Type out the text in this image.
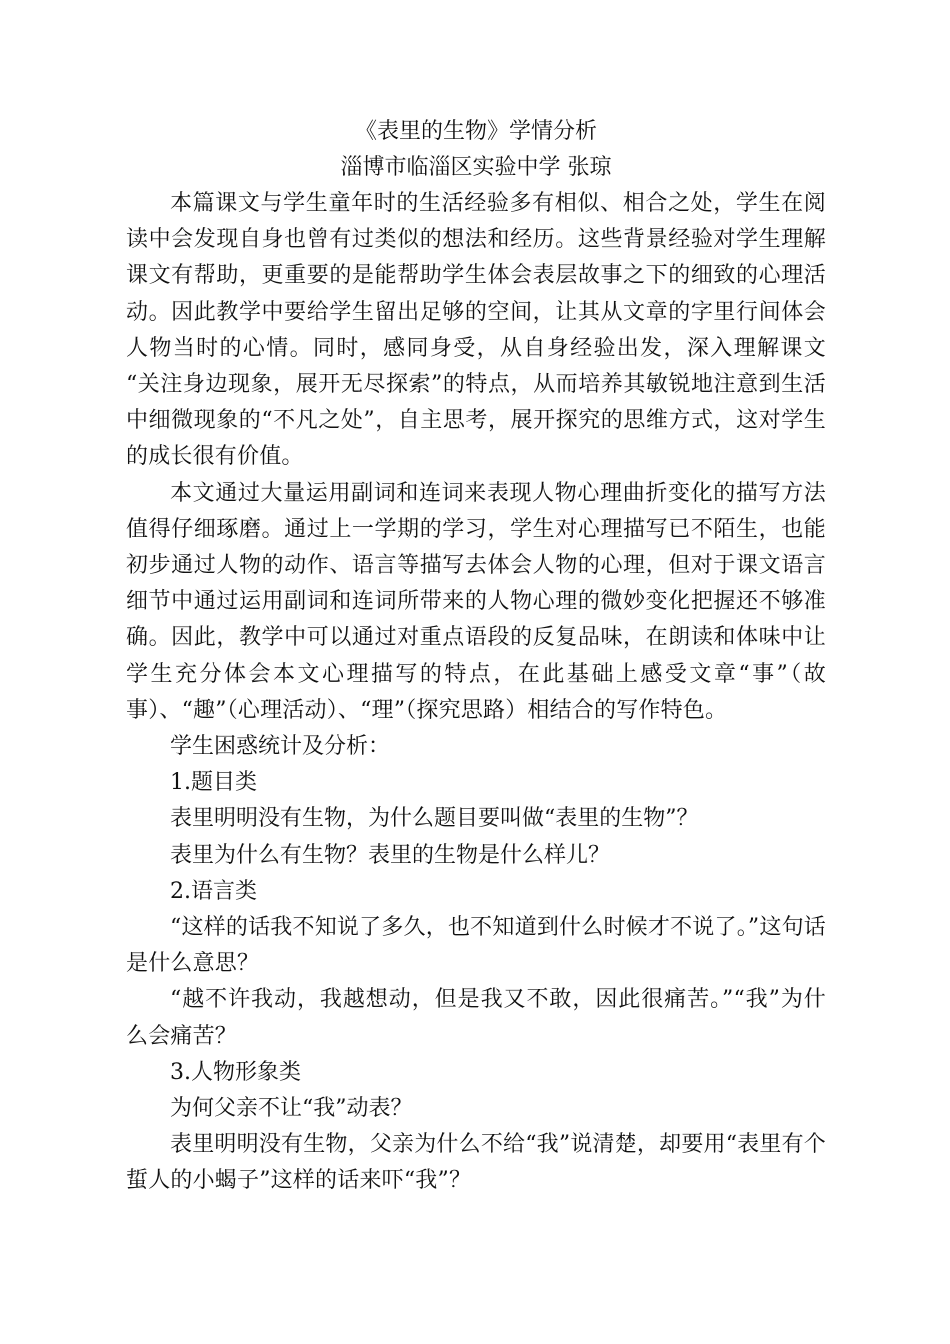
《表里的生物》学情分析

淄博市临淄区实验中学 张琼

本篇课文与学生童年时的生活经验多有相似、相合之处，学生在阅读中会发现自身也曾有过类似的想法和经历。这些背景经验对学生理解课文有帮助，更重要的是能帮助学生体会表层故事之下的细致的心理活动。因此教学中要给学生留出足够的空间，让其从文章的字里行间体会人物当时的心情。同时，感同身受，从自身经验出发，深入理解课文 “关注身边现象，展开无尽探索”的特点，从而培养其敏锐地注意到生活中细微现象的“不凡之处”，自主思考，展开探究的思维方式，这对学生的成长很有价值。

本文通过大量运用副词和连词来表现人物心理曲折变化的描写方法值得仔细琢磨。通过上一学期的学习，学生对心理描写已不陌生，也能初步通过人物的动作、语言等描写去体会人物的心理，但对于课文语言细节中通过运用副词和连词所带来的人物心理的微妙变化把握还不够准确。因此，教学中可以通过对重点语段的反复品味，在朗读和体味中让学生充分体会本文心理描写的特点，在此基础上感受文章“事”（故事）、“趣”（心理活动）、“理”（探究思路）相结合的写作特色。

学生困惑统计及分析：

1.题目类

表里明明没有生物，为什么题目要叫做“表里的生物”？

表里为什么有生物？表里的生物是什么样儿？

2.语言类

“这样的话我不知说了多久，也不知道到什么时候才不说了。”这句话是什么意思？

“越不许我动，我越想动，但是我又不敢，因此很痛苦。”“我”为什么会痛苦？

3.人物形象类

为何父亲不让“我”动表？

表里明明没有生物，父亲为什么不给“我”说清楚，却要用“表里有个蜇人的小蝎子”这样的话来吓“我”？
